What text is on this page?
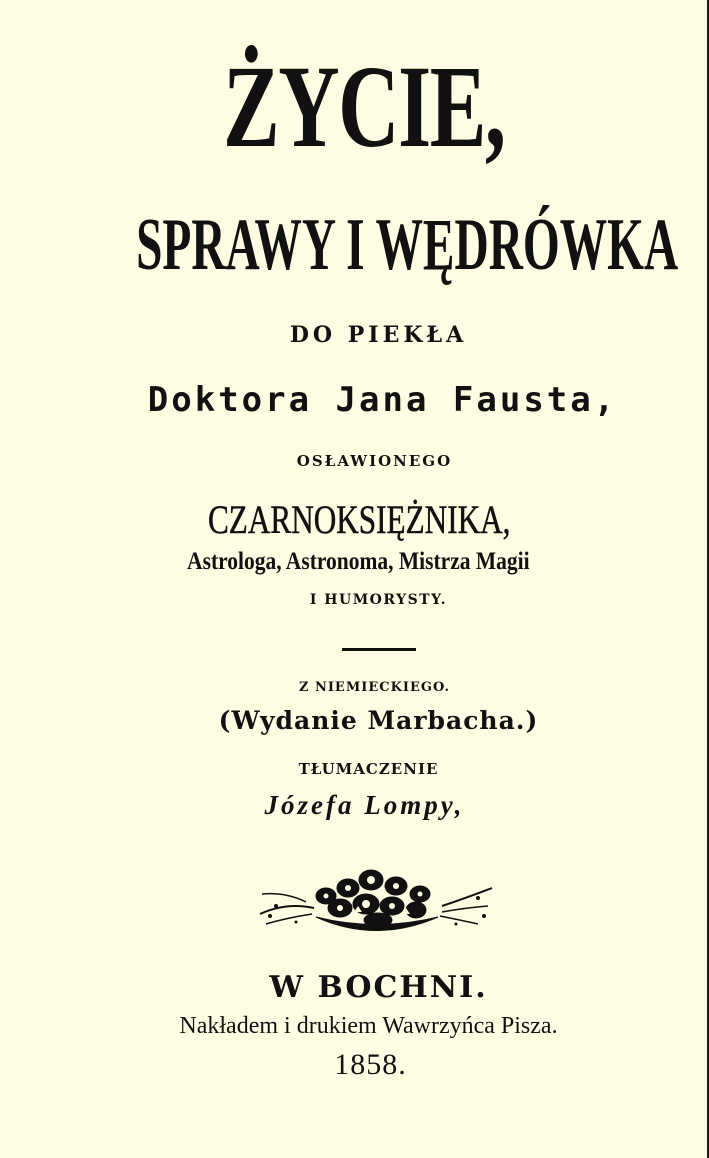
ŻYCIE,
SPRAWY I WĘDRÓWKA
DO PIEKŁA
Doktora Jana Fausta,
OSŁAWIONEGO
CZARNOKSIĘŻNIKA,
Astrologa, Astronoma, Mistrza Magii
I HUMORYSTY.
Z NIEMIECKIEGO.
(Wydanie Marbacha.)
TŁUMACZENIE
Józefa Lompy,
W BOCHNI.
Nakładem i drukiem Wawrzyńca Pisza.
1858.
